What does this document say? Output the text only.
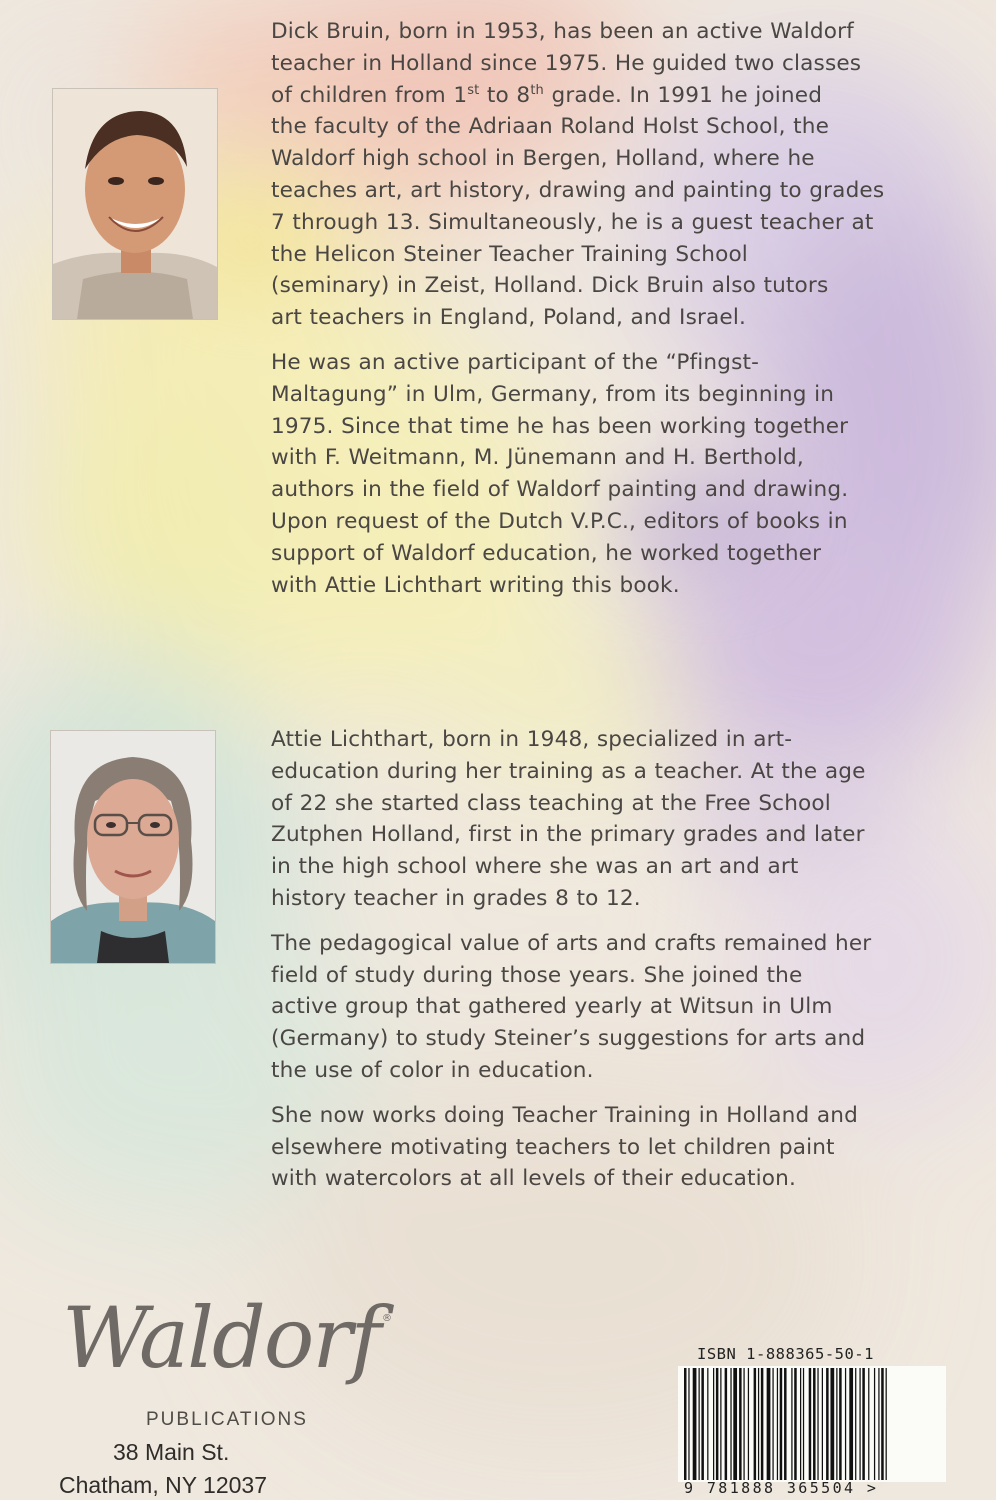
Dick Bruin, born in 1953, has been an active Waldorf
teacher in Holland since 1975. He guided two classes
of children from 1st to 8th grade. In 1991 he joined
the faculty of the Adriaan Roland Holst School, the
Waldorf high school in Bergen, Holland, where he
teaches art, art history, drawing and painting to grades
7 through 13. Simultaneously, he is a guest teacher at
the Helicon Steiner Teacher Training School
(seminary) in Zeist, Holland. Dick Bruin also tutors
art teachers in England, Poland, and Israel.

He was an active participant of the “Pfingst-
Maltagung” in Ulm, Germany, from its beginning in
1975. Since that time he has been working together
with F. Weitmann, M. Jünemann and H. Berthold,
authors in the field of Waldorf painting and drawing.
Upon request of the Dutch V.P.C., editors of books in
support of Waldorf education, he worked together
with Attie Lichthart writing this book.

Attie Lichthart, born in 1948, specialized in art-
education during her training as a teacher. At the age
of 22 she started class teaching at the Free School
Zutphen Holland, first in the primary grades and later
in the high school where she was an art and art
history teacher in grades 8 to 12.

The pedagogical value of arts and crafts remained her
field of study during those years. She joined the
active group that gathered yearly at Witsun in Ulm
(Germany) to study Steiner’s suggestions for arts and
the use of color in education.

She now works doing Teacher Training in Holland and
elsewhere motivating teachers to let children paint
with watercolors at all levels of their education.

Waldorf ®
PUBLICATIONS
38 Main St.
Chatham, NY 12037
ISBN 1-888365-50-1
9 781888 365504 >
